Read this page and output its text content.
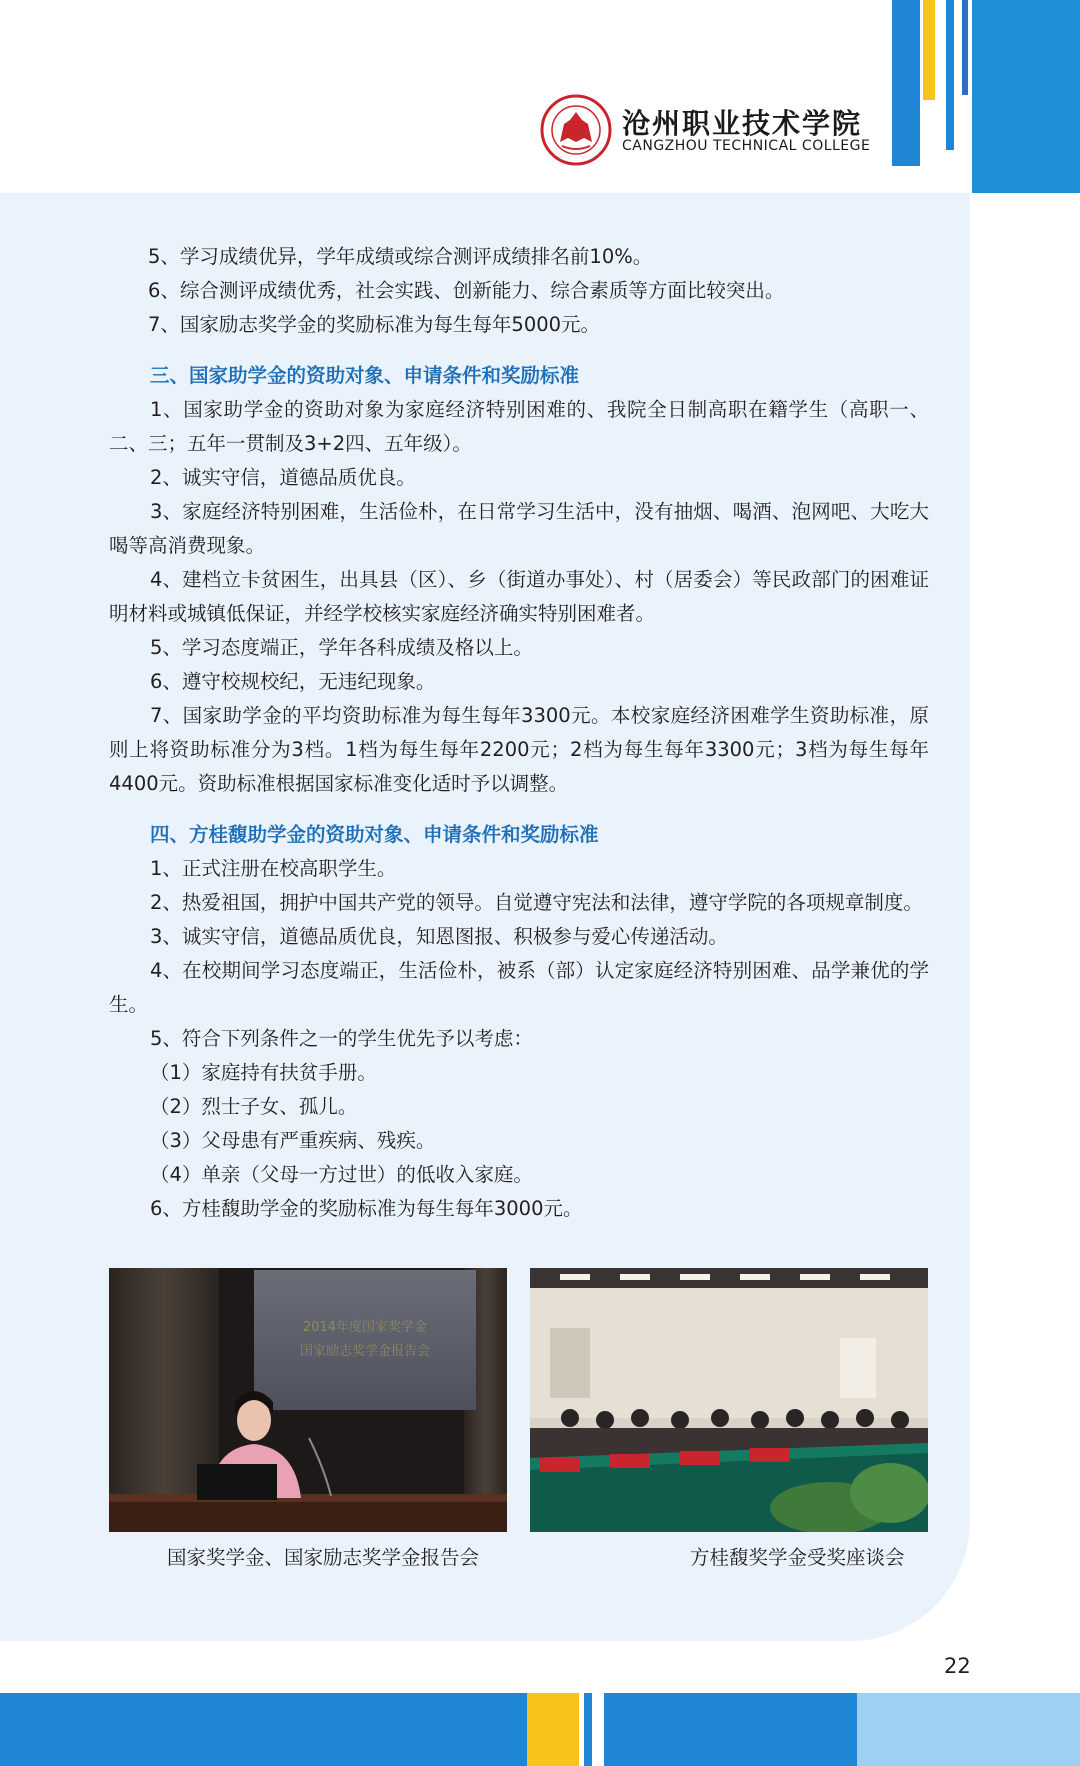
沧州职业技术学院
CANGZHOU TECHNICAL COLLEGE

5、学习成绩优异，学年成绩或综合测评成绩排名前10%。

6、综合测评成绩优秀，社会实践、创新能力、综合素质等方面比较突出。

7、国家励志奖学金的奖励标准为每生每年5000元。

三、国家助学金的资助对象、申请条件和奖励标准

1、国家助学金的资助对象为家庭经济特别困难的、我院全日制高职在籍学生（高职一、二、三；五年一贯制及3+2四、五年级）。

2、诚实守信，道德品质优良。

3、家庭经济特别困难，生活俭朴，在日常学习生活中，没有抽烟、喝酒、泡网吧、大吃大喝等高消费现象。

4、建档立卡贫困生，出具县（区）、乡（街道办事处）、村（居委会）等民政部门的困难证明材料或城镇低保证，并经学校核实家庭经济确实特别困难者。

5、学习态度端正，学年各科成绩及格以上。

6、遵守校规校纪，无违纪现象。

7、国家助学金的平均资助标准为每生每年3300元。本校家庭经济困难学生资助标准，原则上将资助标准分为3档。1档为每生每年2200元；2档为每生每年3300元；3档为每生每年4400元。资助标准根据国家标准变化适时予以调整。

四、方桂馥助学金的资助对象、申请条件和奖励标准

1、正式注册在校高职学生。

2、热爱祖国，拥护中国共产党的领导。自觉遵守宪法和法律，遵守学院的各项规章制度。

3、诚实守信，道德品质优良，知恩图报、积极参与爱心传递活动。

4、在校期间学习态度端正，生活俭朴，被系（部）认定家庭经济特别困难、品学兼优的学生。

5、符合下列条件之一的学生优先予以考虑：

（1）家庭持有扶贫手册。

（2）烈士子女、孤儿。

（3）父母患有严重疾病、残疾。

（4）单亲（父母一方过世）的低收入家庭。

6、方桂馥助学金的奖励标准为每生每年3000元。

2014年度国家奖学金
国家励志奖学金报告会
国家奖学金、国家励志奖学金报告会	方桂馥奖学金受奖座谈会
22
